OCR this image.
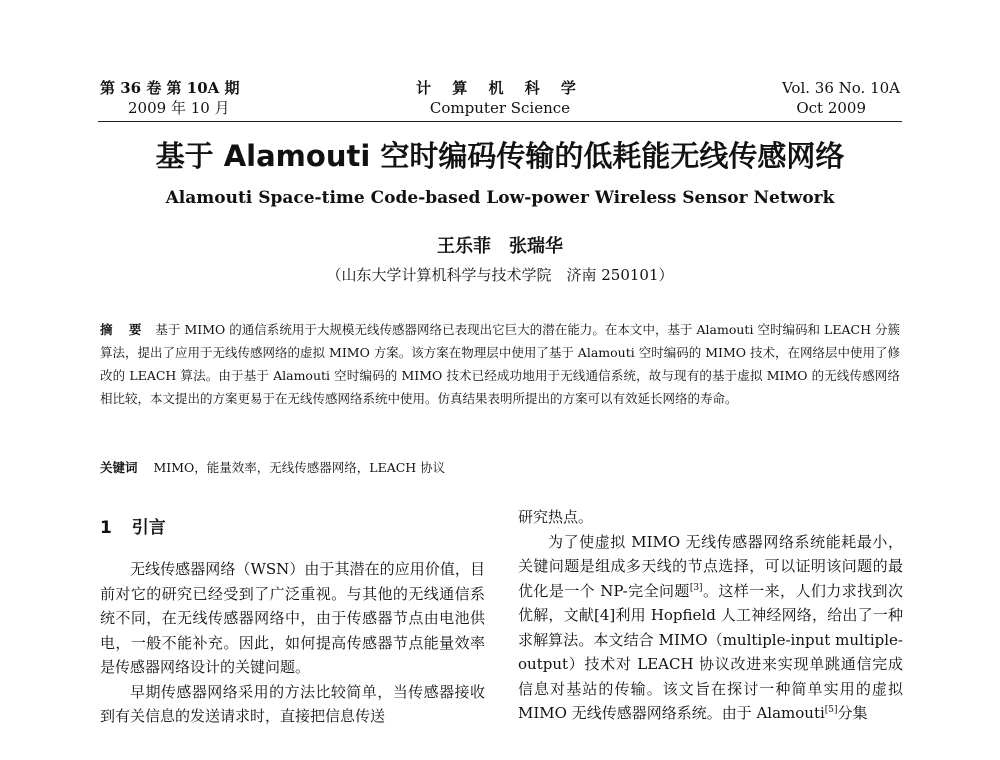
第 36 卷 第 10A 期
2009 年 10 月
计 算 机 科 学
Computer Science
Vol. 36 No. 10A
Oct 2009
基于 Alamouti 空时编码传输的低耗能无线传感网络
Alamouti Space-time Code-based Low-power Wireless Sensor Network
王乐菲　张瑞华
（山东大学计算机科学与技术学院　济南 250101）
摘 要 基于 MIMO 的通信系统用于大规模无线传感器网络已表现出它巨大的潜在能力。在本文中，基于 Alamouti 空时编码和 LEACH 分簇算法，提出了应用于无线传感网络的虚拟 MIMO 方案。该方案在物理层中使用了基于 Alamouti 空时编码的 MIMO 技术，在网络层中使用了修改的 LEACH 算法。由于基于 Alamouti 空时编码的 MIMO 技术已经成功地用于无线通信系统，故与现有的基于虚拟 MIMO 的无线传感网络相比较，本文提出的方案更易于在无线传感网络系统中使用。仿真结果表明所提出的方案可以有效延长网络的寿命。
关键词 MIMO，能量效率，无线传感器网络，LEACH 协议
1 引言

无线传感器网络（WSN）由于其潜在的应用价值，目前对它的研究已经受到了广泛重视。与其他的无线通信系统不同，在无线传感器网络中，由于传感器节点由电池供电，一般不能补充。因此，如何提高传感器节点能量效率是传感器网络设计的关键问题。

早期传感器网络采用的方法比较简单，当传感器接收到有关信息的发送请求时，直接把信息传送

研究热点。

为了使虚拟 MIMO 无线传感器网络系统能耗最小，关键问题是组成多天线的节点选择，可以证明该问题的最优化是一个 NP-完全问题[3]。这样一来，人们力求找到次优解，文献[4]利用 Hopfield 人工神经网络，给出了一种求解算法。本文结合 MIMO（multiple-input multiple-output）技术对 LEACH 协议改进来实现单跳通信完成信息对基站的传输。该文旨在探讨一种简单实用的虚拟 MIMO 无线传感器网络系统。由于 Alamouti[5]分集
